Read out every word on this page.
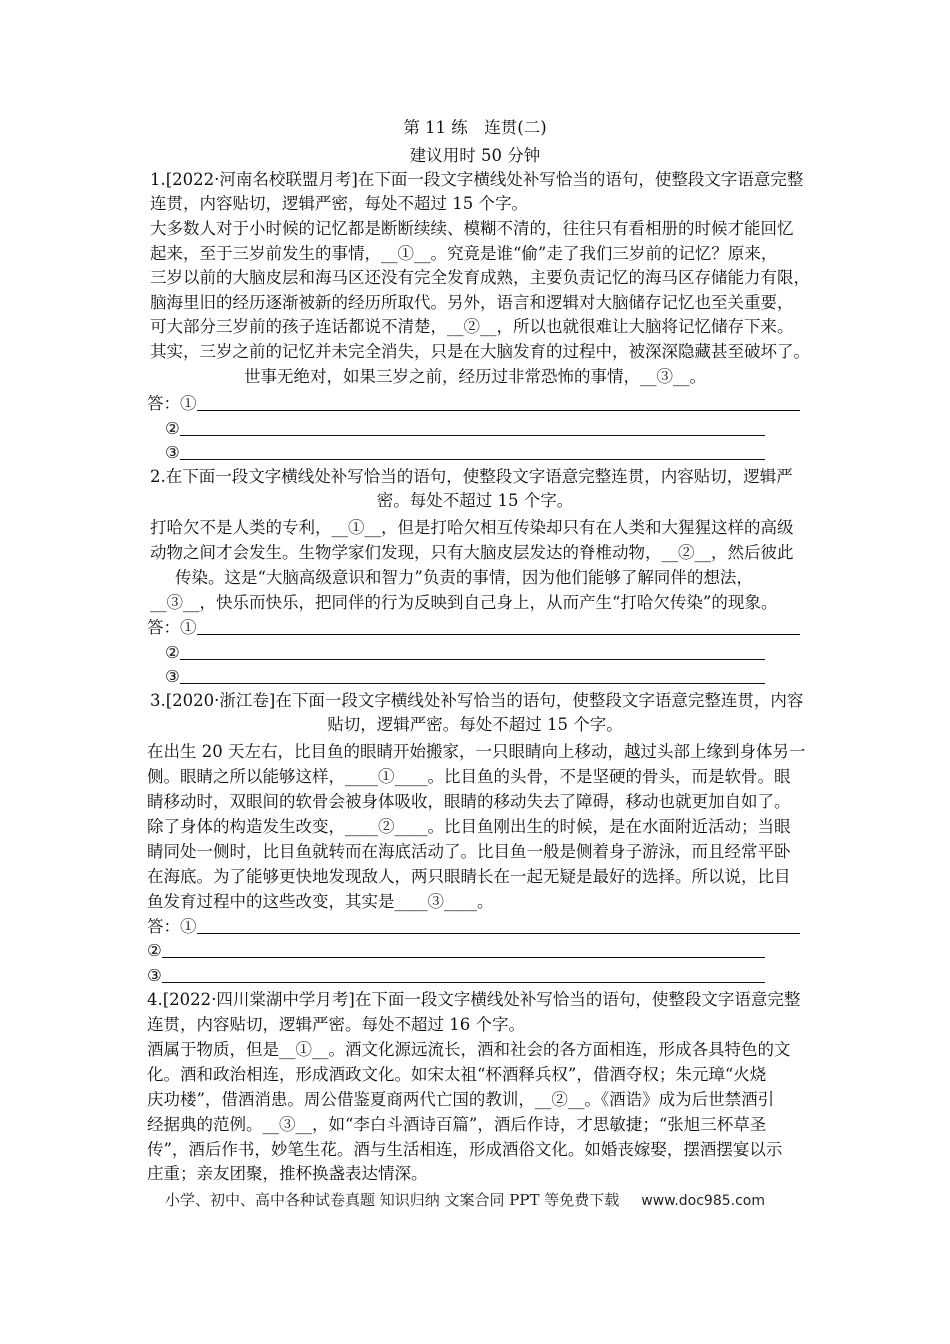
第 11 练　连贯(二)
建议用时 50 分钟
1.[2022·河南名校联盟月考]在下面一段文字横线处补写恰当的语句，使整段文字语意完整
连贯，内容贴切，逻辑严密，每处不超过 15 个字。
大多数人对于小时候的记忆都是断断续续、模糊不清的，往往只有看相册的时候才能回忆
起来，至于三岁前发生的事情，__①__。究竟是谁“偷”走了我们三岁前的记忆？原来，
三岁以前的大脑皮层和海马区还没有完全发育成熟，主要负责记忆的海马区存储能力有限，
脑海里旧的经历逐渐被新的经历所取代。另外，语言和逻辑对大脑储存记忆也至关重要，
可大部分三岁前的孩子连话都说不清楚，__②__，所以也就很难让大脑将记忆储存下来。
其实，三岁之前的记忆并未完全消失，只是在大脑发育的过程中，被深深隐藏甚至破坏了。
世事无绝对，如果三岁之前，经历过非常恐怖的事情，__③__。
答：①
②
③
2.在下面一段文字横线处补写恰当的语句，使整段文字语意完整连贯，内容贴切，逻辑严
密。每处不超过 15 个字。
打哈欠不是人类的专利，__①__，但是打哈欠相互传染却只有在人类和大猩猩这样的高级
动物之间才会发生。生物学家们发现，只有大脑皮层发达的脊椎动物，__②__，然后彼此
传染。这是“大脑高级意识和智力”负责的事情，因为他们能够了解同伴的想法，
__③__，快乐而快乐，把同伴的行为反映到自己身上，从而产生“打哈欠传染”的现象。
答：①
②
③
3.[2020·浙江卷]在下面一段文字横线处补写恰当的语句，使整段文字语意完整连贯，内容
贴切，逻辑严密。每处不超过 15 个字。
在出生 20 天左右，比目鱼的眼睛开始搬家，一只眼睛向上移动，越过头部上缘到身体另一
侧。眼睛之所以能够这样，____①____。比目鱼的头骨，不是坚硬的骨头，而是软骨。眼
睛移动时，双眼间的软骨会被身体吸收，眼睛的移动失去了障碍，移动也就更加自如了。
除了身体的构造发生改变，____②____。比目鱼刚出生的时候，是在水面附近活动；当眼
睛同处一侧时，比目鱼就转而在海底活动了。比目鱼一般是侧着身子游泳，而且经常平卧
在海底。为了能够更快地发现敌人，两只眼睛长在一起无疑是最好的选择。所以说，比目
鱼发育过程中的这些改变，其实是____③____。
答：①
②
③
4.[2022·四川棠湖中学月考]在下面一段文字横线处补写恰当的语句，使整段文字语意完整
连贯，内容贴切，逻辑严密。每处不超过 16 个字。
酒属于物质，但是__①__。酒文化源远流长，酒和社会的各方面相连，形成各具特色的文
化。酒和政治相连，形成酒政文化。如宋太祖“杯酒释兵权”，借酒夺权；朱元璋“火烧
庆功楼”，借酒消患。周公借鉴夏商两代亡国的教训，__②__。《酒诰》成为后世禁酒引
经据典的范例。__③__，如“李白斗酒诗百篇”，酒后作诗，才思敏捷；“张旭三杯草圣
传”，酒后作书，妙笔生花。酒与生活相连，形成酒俗文化。如婚丧嫁娶，摆酒摆宴以示
庄重；亲友团聚，推杯换盏表达情深。
小学、初中、高中各种试卷真题 知识归纳 文案合同 PPT 等免费下载 www.doc985.com
